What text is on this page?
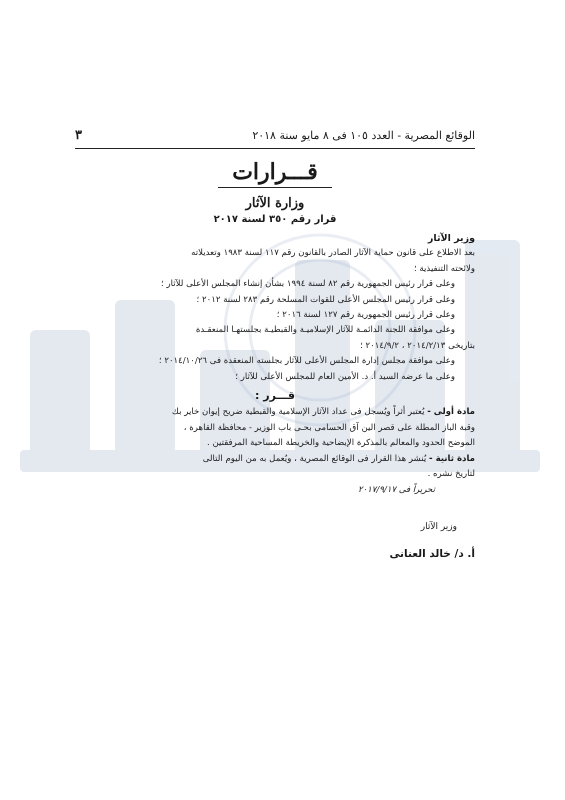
الوقائع المصرية - العدد ١٠٥ فى ٨ مايو سنة ٢٠١٨
٣
قـــرارات
وزارة الآثار
قرار رقم ٣٥٠ لسنة ٢٠١٧

وزير الآثار

بعد الاطلاع على قانون حماية الآثار الصادر بالقانون رقم ١١٧ لسنة ١٩٨٣ وتعديلاته

ولائحته التنفيذية ؛

وعلى قرار رئيس الجمهورية رقم ٨٢ لسنة ١٩٩٤ بشأن إنشاء المجلس الأعلى للآثار ؛

وعلى قرار رئيس المجلس الأعلى للقوات المسلحة رقم ٢٨٣ لسنة ٢٠١٢ ؛

وعلى قرار رئيس الجمهورية رقم ١٢٧ لسنة ٢٠١٦ ؛

وعلى موافقة اللجنة الدائمـة للآثار الإسلاميـة والقبطيـة بجلستهـا المنعقـدة

بتاريخى ٢٠١٤/٢/١٣ ، ٢٠١٤/٩/٢ ؛

وعلى موافقة مجلس إدارة المجلس الأعلى للآثار بجلسته المنعقدة فى ٢٠١٤/١٠/٢٦ ؛

وعلى ما عرضه السيد أ. د. الأمين العام للمجلس الأعلى للآثار ؛

قـــرر :

مادة أولى - يُعتبر أثراً ويُسجل فى عداد الآثار الإسلامية والقبطية ضريح إيوان خاير بك

وقبة الباز المطلة على قصر الين آق الحسامى بحـى باب الوزير - محافظة القاهرة ،

الموضح الحدود والمعالم بالمذكرة الإيضاحية والخريطة المساحية المرفقتين .

مادة ثانية - يُنشر هذا القرار فى الوقائع المصرية ، ويُعمل به من اليوم التالى

لتاريخ نشره .

تحريراً فى ٢٠١٧/٩/١٧

وزير الآثار
أ. د/ خالد العنانى
